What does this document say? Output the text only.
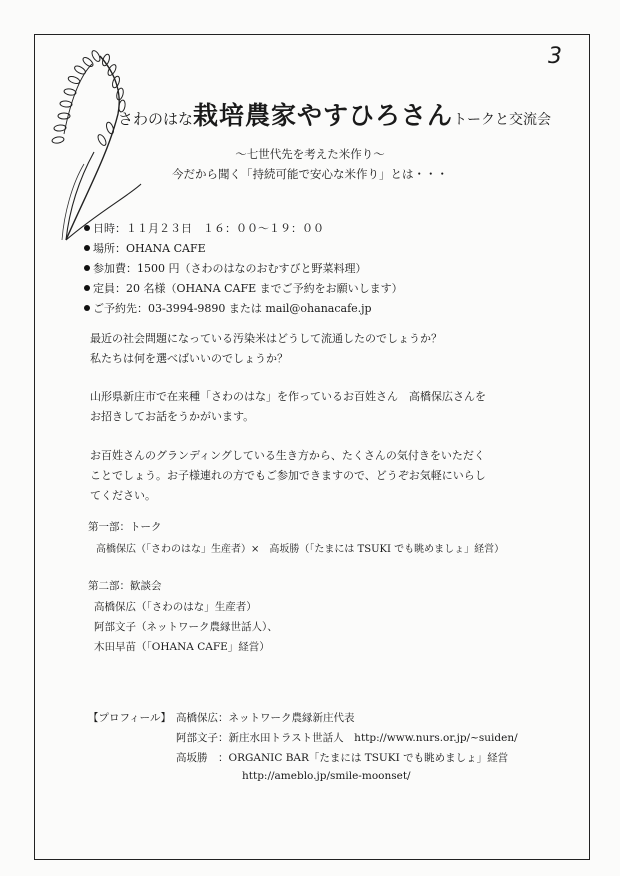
3
さわのはな栽培農家やすひろさんトークと交流会
～七世代先を考えた米作り～
今だから聞く「持続可能で安心な米作り」とは・・・
日時：１１月２３日　１６：００～１９：００
場所：OHANA CAFE
参加費：1500 円（さわのはなのおむすびと野菜料理）
定員：20 名様（OHANA CAFE までご予約をお願いします）
ご予約先：03-3994-9890 または mail@ohanacafe.jp
最近の社会問題になっている汚染米はどうして流通したのでしょうか？
私たちは何を選べばいいのでしょうか？
山形県新庄市で在来種「さわのはな」を作っているお百姓さん　高橋保広さんを
お招きしてお話をうかがいます。
お百姓さんのグランディングしている生き方から、たくさんの気付きをいただく
ことでしょう。お子様連れの方でもご参加できますので、どうぞお気軽にいらし
てください。
第一部：トーク
高橋保広（「さわのはな」生産者）×　高坂勝（「たまには TSUKI でも眺めましょ」経営）
第二部：歓談会
高橋保広（「さわのはな」生産者）
阿部文子（ネットワーク農縁世話人）、
木田早苗（「OHANA CAFE」経営）
【プロフィール】 高橋保広：ネットワーク農縁新庄代表
阿部文子：新庄水田トラスト世話人　http://www.nurs.or.jp/~suiden/
高坂勝　：ORGANIC BAR「たまには TSUKI でも眺めましょ」経営
http://ameblo.jp/smile-moonset/
